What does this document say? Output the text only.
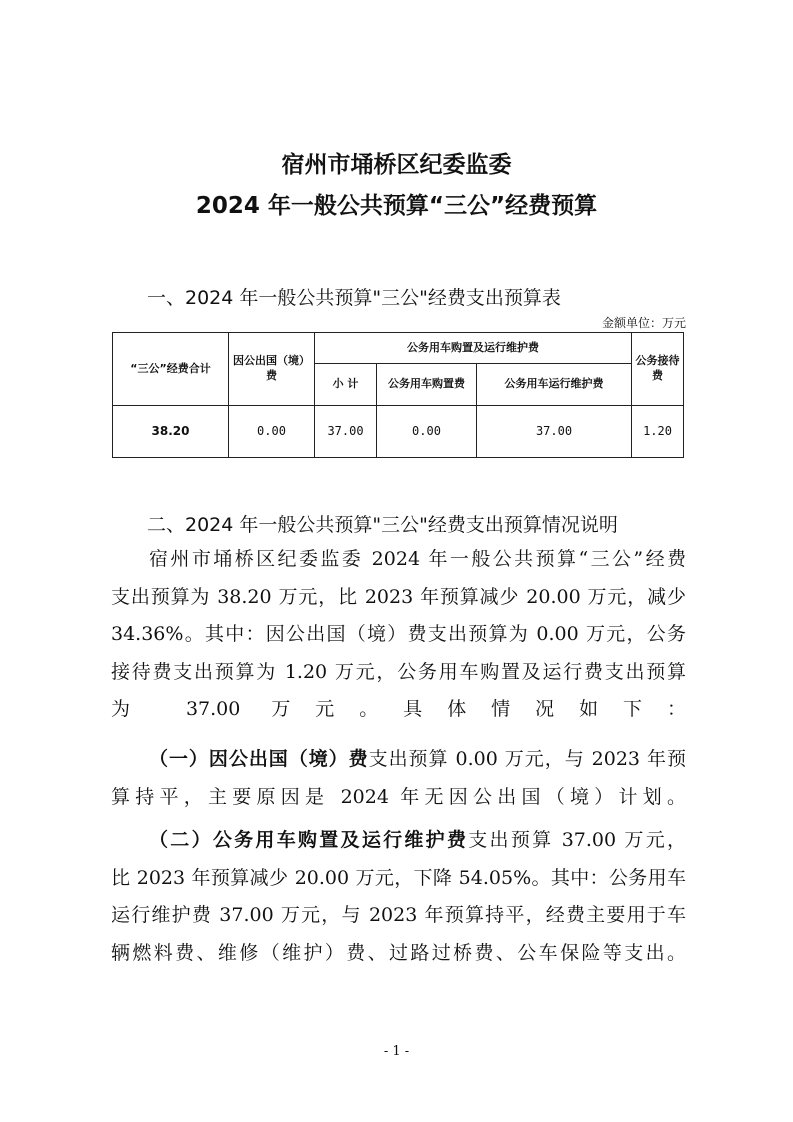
宿州市埇桥区纪委监委
2024 年一般公共预算“三公”经费预算
一、2024 年一般公共预算"三公"经费支出预算表
金额单位：万元
“三公”经费合计	因公出国（境）费	公务用车购置及运行维护费			公务接待费
		小 计	公务用车购置费	公务用车运行维护费	
38.20	0.00	37.00	0.00	37.00	1.20
二、2024 年一般公共预算"三公"经费支出预算情况说明
宿州市埇桥区纪委监委 2024 年一般公共预算“三公”经费
支出预算为 38.20 万元，比 2023 年预算减少 20.00 万元，减少
34.36%。其中：因公出国（境）费支出预算为 0.00 万元，公务
接待费支出预算为 1.20 万元，公务用车购置及运行费支出预算
为 37.00 万元。具体情况如下：
（一）因公出国（境）费支出预算 0.00 万元，与 2023 年预
算持平，主要原因是 2024 年无因公出国（境）计划。
（二）公务用车购置及运行维护费支出预算 37.00 万元，
比 2023 年预算减少 20.00 万元，下降 54.05%。其中：公务用车
运行维护费 37.00 万元，与 2023 年预算持平，经费主要用于车
辆燃料费、维修（维护）费、过路过桥费、公车保险等支出。
- 1 -
